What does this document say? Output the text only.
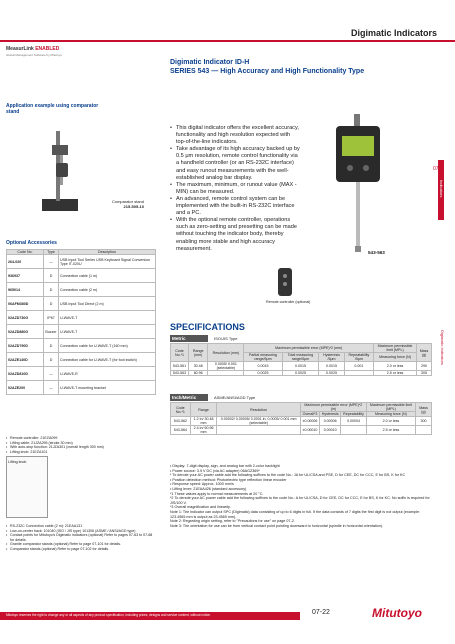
Digimatic Indicators
MeasurLink ENABLED
Global Management Software by Mitutoyo
Digimatic Indicator ID-H
SERIES 543 — High Accuracy and High Functionality Type
Application example using comparator
stand
Comparator stand
215-505-10
• This digital indicator offers the excellent accuracy, functionality and high resolution expected with top-of-the-line indicators.
• Take advantage of its high accuracy backed up by 0.5 μm resolution, remote control functionality via a handheld controller (or an RS-232C interface) and easy runout measurements with the well-established analog bar display.
• The maximum, minimum, or runout value (MAX - MIN) can be measured.
• An advanced, remote control system can be implemented with the built-in RS-232C interface and a PC.
• With the optional remote controller, operations such as zero-setting and presetting can be made without touching the indicator body, thereby enabling more stable and high accuracy measurement.
543-563
Remote controller (optional)
07
Indicators
Digimatic Indicators
Optional Accessories
Code No.	Type	Description
264-020	—	USB Input Tool Series USB Keyboard Signal Conversion Type IT-020U
936937	D	Connection cable (1 m)
965014	D	Connection cable (2 m)
06AFM380D	D	USB Input Tool Direct (2 m)
02AZD730G	IP67	U-WAVE-T
02AZD880G	Buzzer	U-WAVE-T
02AZD790D	D	Connection cable for U-WAVE-T (160 mm)
02AZE140D	D	Connection cable for U-WAVE-T (for foot switch)
02AZD810D	—	U-WAVE-R
02AZE200	—	U-WAVE-T mounting bracket
• Remote controller: 21EZA099
• Lifting cable: 21JZA295 (stroke 30 mm)
• With auto-stop function: 21JZA301 (overall length 300 mm)
• Lifting knob: 21EZA101
Lifting knob
• RS-232C Connection cable (2 m): 21EAA131
• Low-on-center back: 101040 (ISO / JIS type) 101306 (ASME / ANSI/AGD type)
• Contact points for Mitutoyo's Digimatic indicators (optional) Refer to pages 07-63 to 07-68 for details.
• Granite comparator stands (optional) Refer to page 07-101 for details.
• Comparator stands (optional) Refer to page 07-102 for details.
SPECIFICATIONS
Metric	ISO/JIS Type
Code No.*1	Range (mm)	Resolution (mm)	Maximum permissible error (MPE)*2 (mm)				Maximum permissible limit (MPL)	Mass (g)
			Partial measuring range/5μm	Total measuring range/5μm	Hysteresis /5μm	Repeatability /5μm	Measuring force (N)	
543-561	30.48	0.0005/ 0.001 (selectable)	0.0015	0.0015	0.0015	0.001	2.0 or less	290
543-563	60.96		0.0025	0.0025	0.0025		2.5 or less	305
Inch/Metric	ASME/ANSI/AGD Type
Code No.*1	Range	Resolution	Maximum permissible error (MPE)*2 (in)			Maximum permissible limit (MPL)	Mass (g)
			Overall*3	Hysteresis	Repeatability	Measuring force (N)	
543-562	1.2 in/ 30.48 mm	0.00002/ 0.00005/ 0.0001 in, 0.0005/ 0.001 mm (selectable)	±0.00006	0.00006	0.00004	2.0 or less	300
543-564	2.4 in/ 60.96 mm		±0.00010	0.00010		2.5 or less	
• Display: 7-digit display, sign, and analog bar with 2-color backlight
• Power source: 3.9 V DC (via AC adapter) 06AGZ369*
* To denote your AC power cable add the following suffixes to the code No.: JA for UL/CSA and PSE, D for CEE, DC for CCC, E for BS, K for KC
• Position detection method: Photoelectric type reflection linear encoder
• Response speed: Approx. 1000 mm/s
• Lifting lever: 21EAA426 (standard accessory)
*1 These values apply to normal measurements at 20 °C.
*2 To denote your AC power cable add the following suffixes to the code No.: A for UL/CSA, D for CEE, DC for CCC, E for BS, K for KC. No suffix is required for JIS/100 V.
*3 Overall magnification and linearity.
Note 1: The indicator can output SPC (Digimatic) data consisting of up to 6 digits in full. If the data consists of 7 digits the first digit is not output (example: 123.4565 mm is output as 23.4565 mm).
Note 2: Regarding origin setting, refer to "Precautions for use" on page 07-2.
Note 3: The orientation for use can be from vertical contact point pointing downward to horizontal (spindle in horizontal orientation).
Mitutoyo reserves the right to change any or all aspects of any product specification, including prices, designs and service content, without notice.	07-22	Mitutoyo
